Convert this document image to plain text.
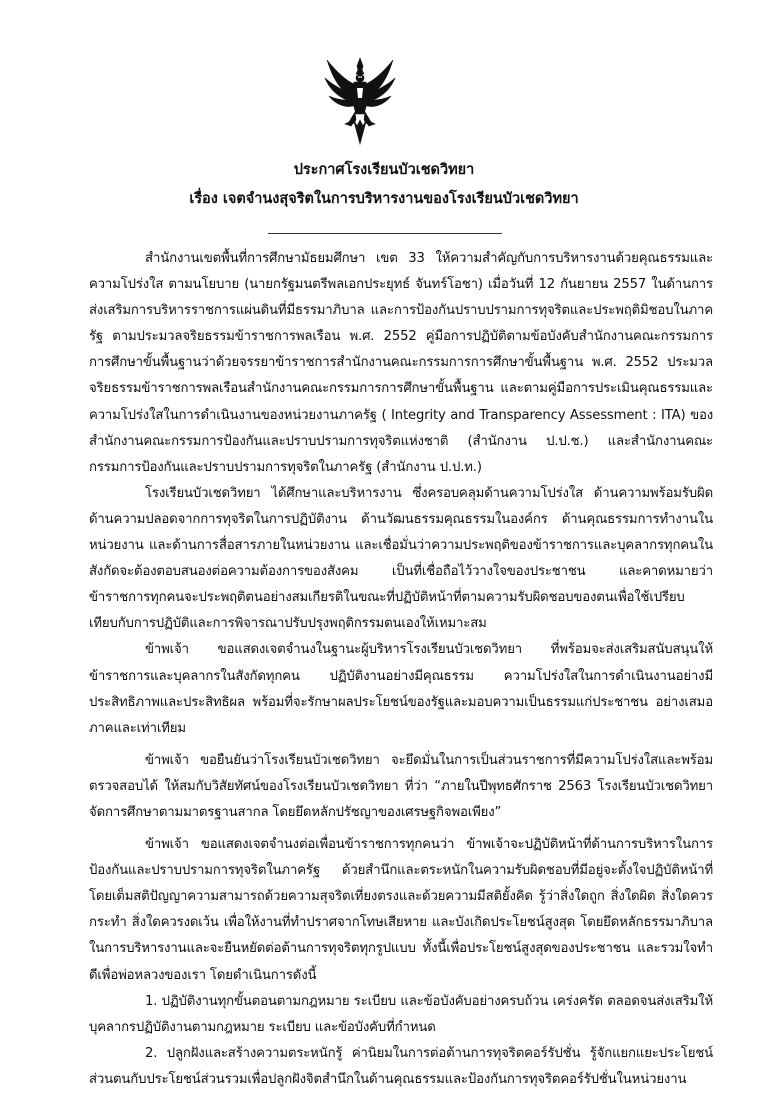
ประกาศโรงเรียนบัวเชดวิทยา
เรื่อง เจตจำนงสุจริตในการบริหารงานของโรงเรียนบัวเชดวิทยา

สำนักงานเขตพื้นที่การศึกษามัธยมศึกษา เขต 33 ให้ความสำคัญกับการบริหารงานด้วยคุณธรรมและความโปร่งใส ตามนโยบาย (นายกรัฐมนตรีพลเอกประยุทธ์ จันทร์โอชา) เมื่อวันที่ 12 กันยายน 2557 ในด้านการส่งเสริมการบริหารราชการแผ่นดินที่มีธรรมาภิบาล และการป้องกันปราบปรามการทุจริตและประพฤติมิชอบในภาครัฐ ตามประมวลจริยธรรมข้าราชการพลเรือน พ.ศ. 2552 คู่มือการปฏิบัติตามข้อบังคับสำนักงานคณะกรรมการการศึกษาขั้นพื้นฐานว่าด้วยจรรยาข้าราชการสำนักงานคณะกรรมการการศึกษาขั้นพื้นฐาน พ.ศ. 2552 ประมวลจริยธรรมข้าราชการพลเรือนสำนักงานคณะกรรมการการศึกษาขั้นพื้นฐาน และตามคู่มือการประเมินคุณธรรมและความโปร่งใสในการดำเนินงานของหน่วยงานภาครัฐ ( Integrity and Transparency Assessment : ITA) ของสำนักงานคณะกรรมการป้องกันและปราบปรามการทุจริตแห่งชาติ (สำนักงาน ป.ป.ช.) และสำนักงานคณะกรรมการป้องกันและปราบปรามการทุจริตในภาครัฐ (สำนักงาน ป.ป.ท.)

โรงเรียนบัวเชดวิทยา ได้ศึกษาและบริหารงาน ซึ่งครอบคลุมด้านความโปร่งใส ด้านความพร้อมรับผิด ด้านความปลอดจากการทุจริตในการปฏิบัติงาน ด้านวัฒนธรรมคุณธรรมในองค์กร ด้านคุณธรรมการทำงานในหน่วยงาน และด้านการสื่อสารภายในหน่วยงาน และเชื่อมั่นว่าความประพฤติของข้าราชการและบุคลากรทุกคนในสังกัดจะต้องตอบสนองต่อความต้องการของสังคม เป็นที่เชื่อถือไว้วางใจของประชาชน และคาดหมายว่าข้าราชการทุกคนจะประพฤติตนอย่างสมเกียรติในขณะที่ปฏิบัติหน้าที่ตามความรับผิดชอบของตนเพื่อใช้เปรียบเทียบกับการปฏิบัติและการพิจารณาปรับปรุงพฤติกรรมตนเองให้เหมาะสม

ข้าพเจ้า ขอแสดงเจตจำนงในฐานะผู้บริหารโรงเรียนบัวเชดวิทยา ที่พร้อมจะส่งเสริมสนับสนุนให้ข้าราชการและบุคลากรในสังกัดทุกคน ปฏิบัติงานอย่างมีคุณธรรม ความโปร่งใสในการดำเนินงานอย่างมีประสิทธิภาพและประสิทธิผล พร้อมที่จะรักษาผลประโยชน์ของรัฐและมอบความเป็นธรรมแก่ประชาชน อย่างเสมอภาคและเท่าเทียม

ข้าพเจ้า ขอยืนยันว่าโรงเรียนบัวเชดวิทยา จะยึดมั่นในการเป็นส่วนราชการที่มีความโปร่งใสและพร้อมตรวจสอบได้ ให้สมกับวิสัยทัศน์ของโรงเรียนบัวเชดวิทยา ที่ว่า “ภายในปีพุทธศักราช 2563 โรงเรียนบัวเชดวิทยาจัดการศึกษาตามมาตรฐานสากล โดยยึดหลักปรัชญาของเศรษฐกิจพอเพียง”

ข้าพเจ้า ขอแสดงเจตจำนงต่อเพื่อนข้าราชการทุกคนว่า ข้าพเจ้าจะปฏิบัติหน้าที่ด้านการบริหารในการป้องกันและปราบปรามการทุจริตในภาครัฐ ด้วยสำนึกและตระหนักในความรับผิดชอบที่มีอยู่จะตั้งใจปฏิบัติหน้าที่โดยเต็มสติปัญญาความสามารถด้วยความสุจริตเที่ยงตรงและด้วยความมีสติยั้งคิด รู้ว่าสิ่งใดถูก สิ่งใดผิด สิ่งใดควรกระทำ สิ่งใดควรงดเว้น เพื่อให้งานที่ทำปราศจากโทษเสียหาย และบังเกิดประโยชน์สูงสุด โดยยึดหลักธรรมาภิบาล ในการบริหารงานและจะยืนหยัดต่อต้านการทุจริตทุกรูปแบบ ทั้งนี้เพื่อประโยชน์สูงสุดของประชาชน และรวมใจทำดีเพื่อพ่อหลวงของเรา โดยดำเนินการดังนี้

1. ปฏิบัติงานทุกขั้นตอนตามกฎหมาย ระเบียบ และข้อบังคับอย่างครบถ้วน เคร่งครัด ตลอดจนส่งเสริมให้บุคลากรปฏิบัติงานตามกฎหมาย ระเบียบ และข้อบังคับที่กำหนด

2. ปลูกฝังและสร้างความตระหนักรู้ ค่านิยมในการต่อต้านการทุจริตคอร์รัปชั่น รู้จักแยกแยะประโยชน์ส่วนตนกับประโยชน์ส่วนรวมเพื่อปลูกฝังจิตสำนึกในด้านคุณธรรมและป้องกันการทุจริตคอร์รัปชั่นในหน่วยงาน
